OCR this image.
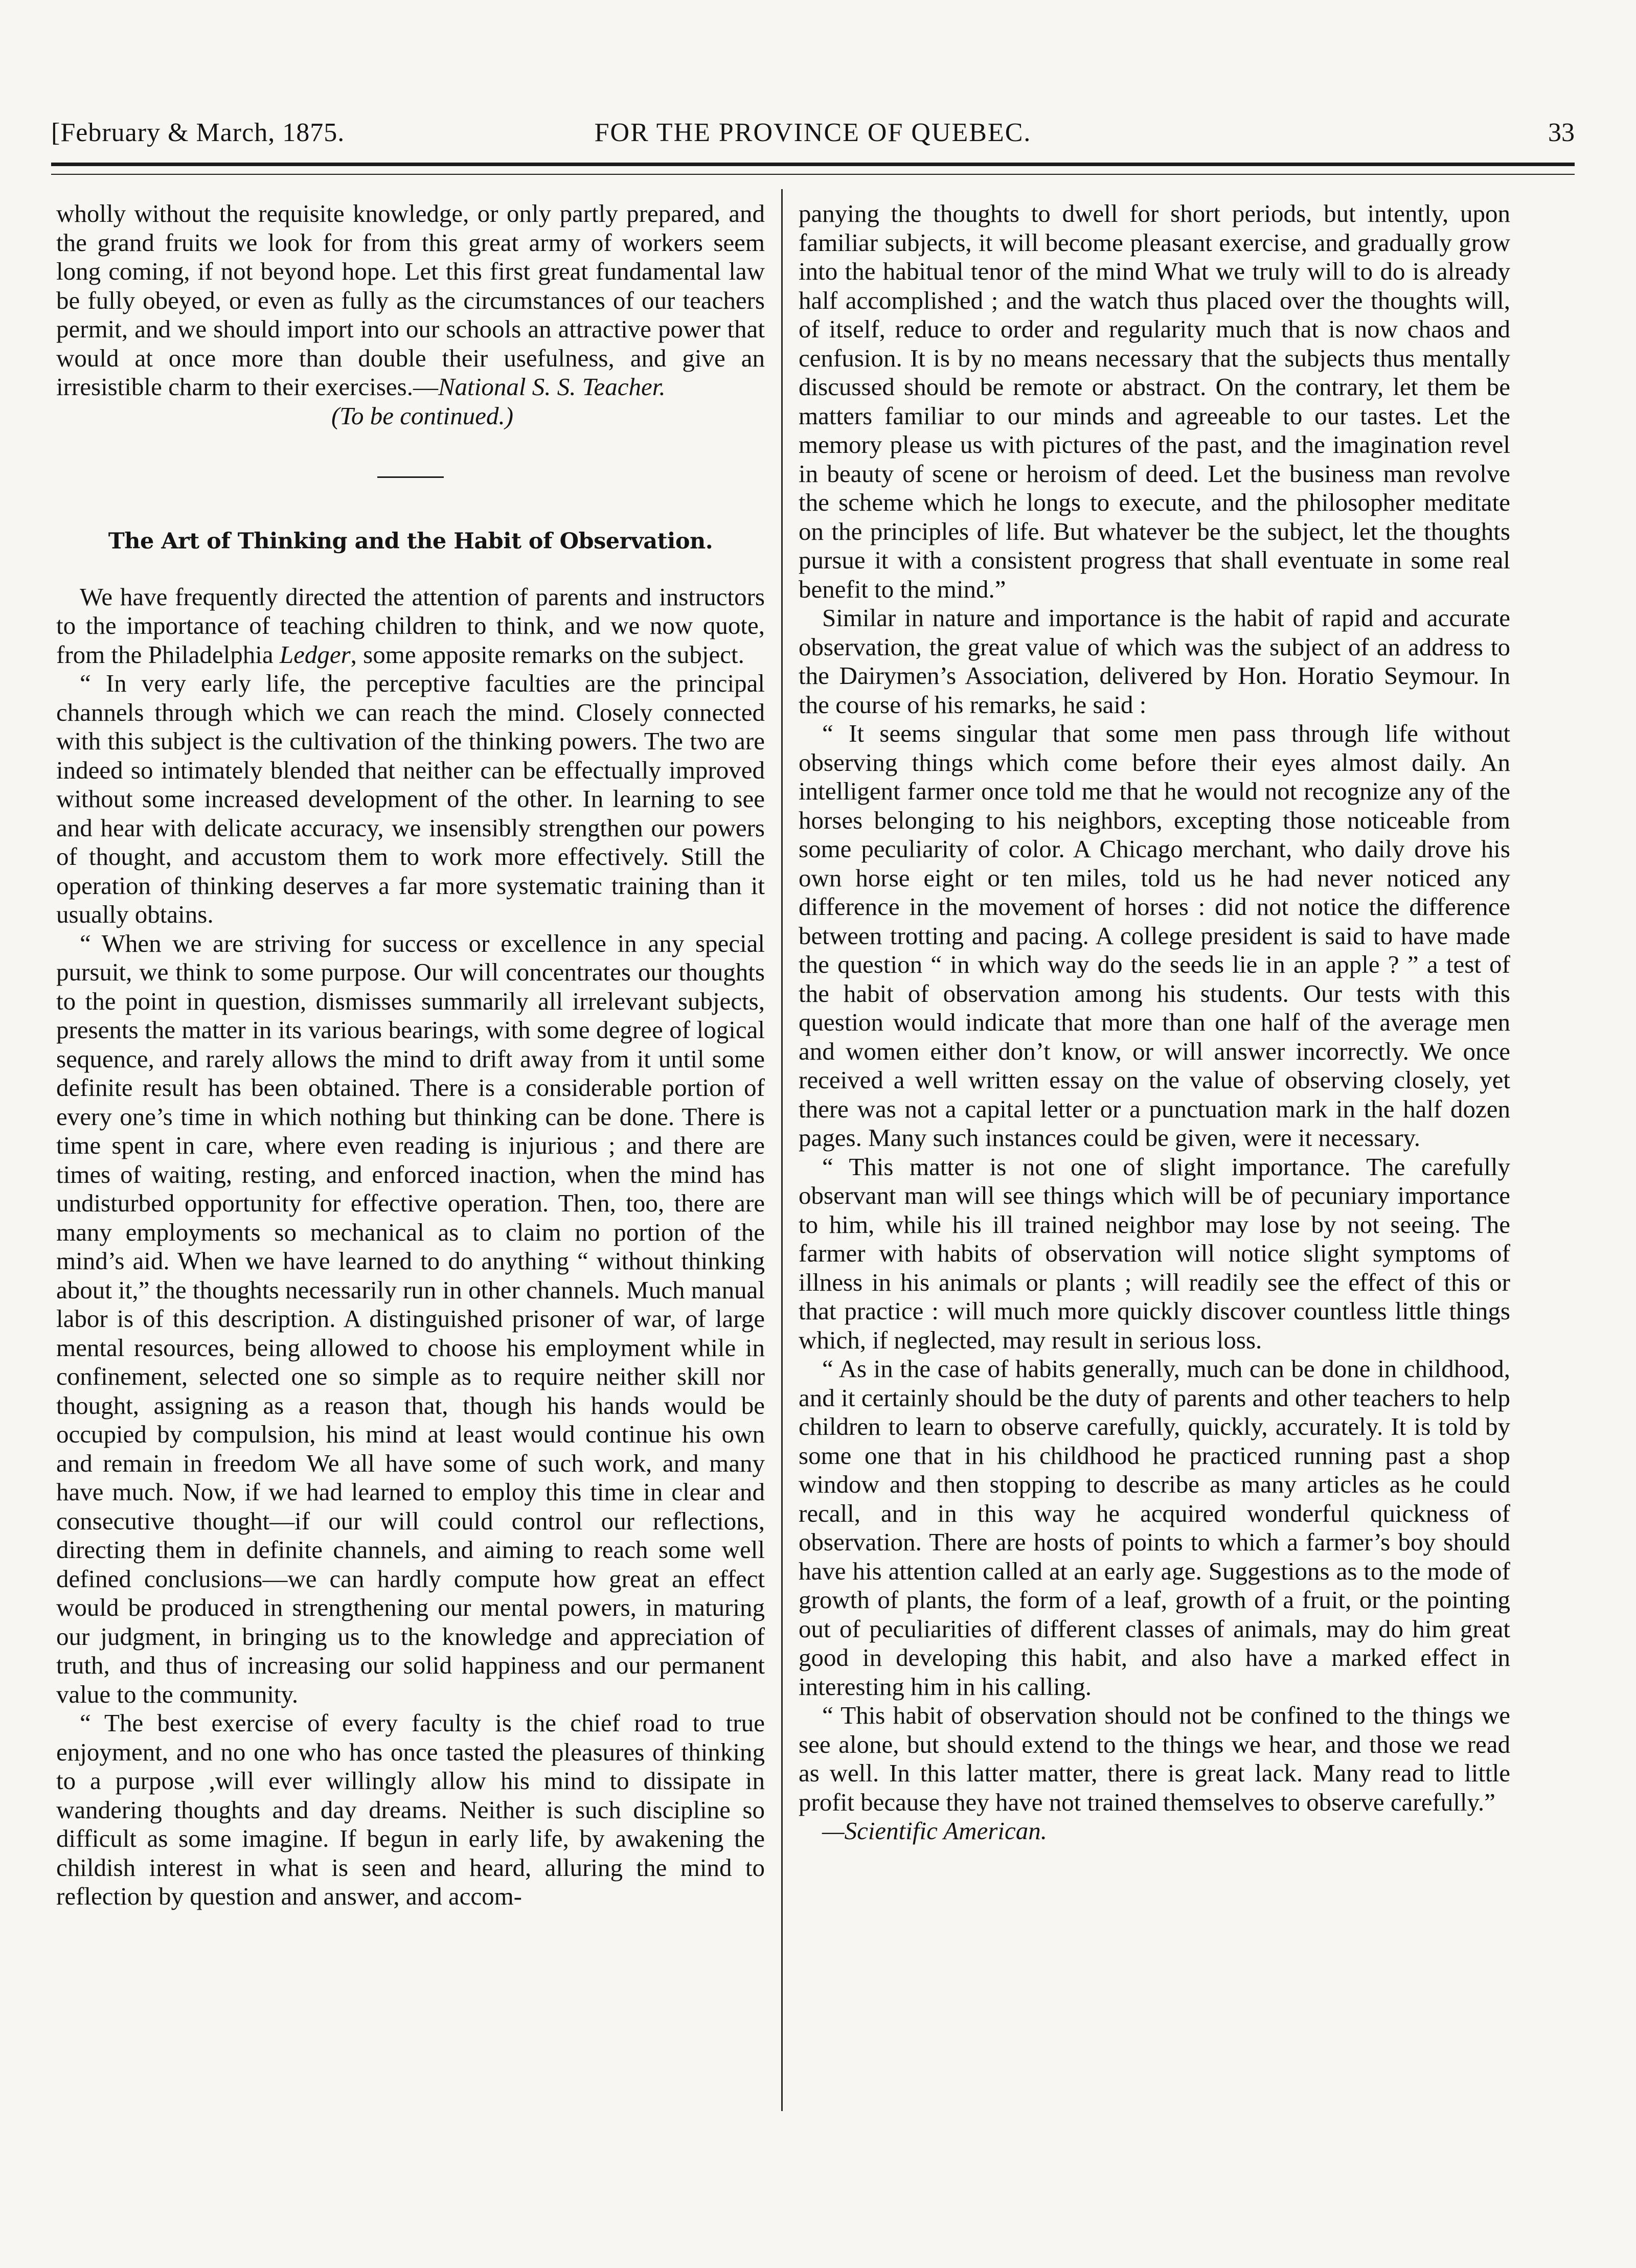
[February & March, 1875.	FOR THE PROVINCE OF QUEBEC.	33

wholly without the requisite knowledge, or only partly prepared, and the grand fruits we look for from this great army of workers seem long coming, if not beyond hope. Let this first great fundamental law be fully obeyed, or even as fully as the circumstances of our teachers permit, and we should import into our schools an attractive power that would at once more than double their usefulness, and give an irresistible charm to their exercises.—National S. S. Teacher.

(To be continued.)

The Art of Thinking and the Habit of Observation.

We have frequently directed the attention of parents and instructors to the importance of teaching children to think, and we now quote, from the Philadelphia Ledger, some apposite remarks on the subject.

“ In very early life, the perceptive faculties are the principal channels through which we can reach the mind. Closely connected with this subject is the cultivation of the thinking powers. The two are indeed so intimately blended that neither can be effectually improved without some increased development of the other. In learning to see and hear with delicate accuracy, we insensibly strengthen our powers of thought, and accustom them to work more effectively. Still the operation of thinking deserves a far more systematic training than it usually obtains.

“ When we are striving for success or excellence in any special pursuit, we think to some purpose. Our will concentrates our thoughts to the point in question, dismisses summarily all irrelevant subjects, presents the matter in its various bearings, with some degree of logical sequence, and rarely allows the mind to drift away from it until some definite result has been obtained. There is a considerable portion of every one’s time in which nothing but thinking can be done. There is time spent in care, where even reading is injurious ; and there are times of waiting, resting, and enforced inaction, when the mind has undisturbed opportunity for effective operation. Then, too, there are many employments so mechanical as to claim no portion of the mind’s aid. When we have learned to do anything “ without thinking about it,” the thoughts necessarily run in other channels. Much manual labor is of this description. A distinguished prisoner of war, of large mental resources, being allowed to choose his employment while in confinement, selected one so simple as to require neither skill nor thought, assigning as a reason that, though his hands would be occupied by compulsion, his mind at least would continue his own and remain in freedom We all have some of such work, and many have much. Now, if we had learned to employ this time in clear and consecutive thought—if our will could control our reflections, directing them in definite channels, and aiming to reach some well defined conclusions—we can hardly compute how great an effect would be produced in strengthening our mental powers, in maturing our judgment, in bringing us to the knowledge and appreciation of truth, and thus of increasing our solid happiness and our permanent value to the community.

“ The best exercise of every faculty is the chief road to true enjoyment, and no one who has once tasted the pleasures of thinking to a purpose ,will ever willingly allow his mind to dissipate in wandering thoughts and day dreams. Neither is such discipline so difficult as some imagine. If begun in early life, by awakening the childish interest in what is seen and heard, alluring the mind to reflection by question and answer, and accom-

panying the thoughts to dwell for short periods, but intently, upon familiar subjects, it will become pleasant exercise, and gradually grow into the habitual tenor of the mind What we truly will to do is already half accomplished ; and the watch thus placed over the thoughts will, of itself, reduce to order and regularity much that is now chaos and cenfusion. It is by no means necessary that the subjects thus mentally discussed should be remote or abstract. On the contrary, let them be matters familiar to our minds and agreeable to our tastes. Let the memory please us with pictures of the past, and the imagination revel in beauty of scene or heroism of deed. Let the business man revolve the scheme which he longs to execute, and the philosopher meditate on the principles of life. But whatever be the subject, let the thoughts pursue it with a consistent progress that shall eventuate in some real benefit to the mind.”

Similar in nature and importance is the habit of rapid and accurate observation, the great value of which was the subject of an address to the Dairymen’s Association, delivered by Hon. Horatio Seymour. In the course of his remarks, he said :

“ It seems singular that some men pass through life without observing things which come before their eyes almost daily. An intelligent farmer once told me that he would not recognize any of the horses belonging to his neighbors, excepting those noticeable from some peculiarity of color. A Chicago merchant, who daily drove his own horse eight or ten miles, told us he had never noticed any difference in the movement of horses : did not notice the difference between trotting and pacing. A college president is said to have made the question “ in which way do the seeds lie in an apple ? ” a test of the habit of observation among his students. Our tests with this question would indicate that more than one half of the average men and women either don’t know, or will answer incorrectly. We once received a well written essay on the value of observing closely, yet there was not a capital letter or a punctuation mark in the half dozen pages. Many such instances could be given, were it necessary.

“ This matter is not one of slight importance. The carefully observant man will see things which will be of pecuniary importance to him, while his ill trained neighbor may lose by not seeing. The farmer with habits of observation will notice slight symptoms of illness in his animals or plants ; will readily see the effect of this or that practice : will much more quickly discover countless little things which, if neglected, may result in serious loss.

“ As in the case of habits generally, much can be done in childhood, and it certainly should be the duty of parents and other teachers to help children to learn to observe carefully, quickly, accurately. It is told by some one that in his childhood he practiced running past a shop window and then stopping to describe as many articles as he could recall, and in this way he acquired wonderful quickness of observation. There are hosts of points to which a farmer’s boy should have his attention called at an early age. Suggestions as to the mode of growth of plants, the form of a leaf, growth of a fruit, or the pointing out of peculiarities of different classes of animals, may do him great good in developing this habit, and also have a marked effect in interesting him in his calling.

“ This habit of observation should not be confined to the things we see alone, but should extend to the things we hear, and those we read as well. In this latter matter, there is great lack. Many read to little profit because they have not trained themselves to observe carefully.”

—Scientific American.
